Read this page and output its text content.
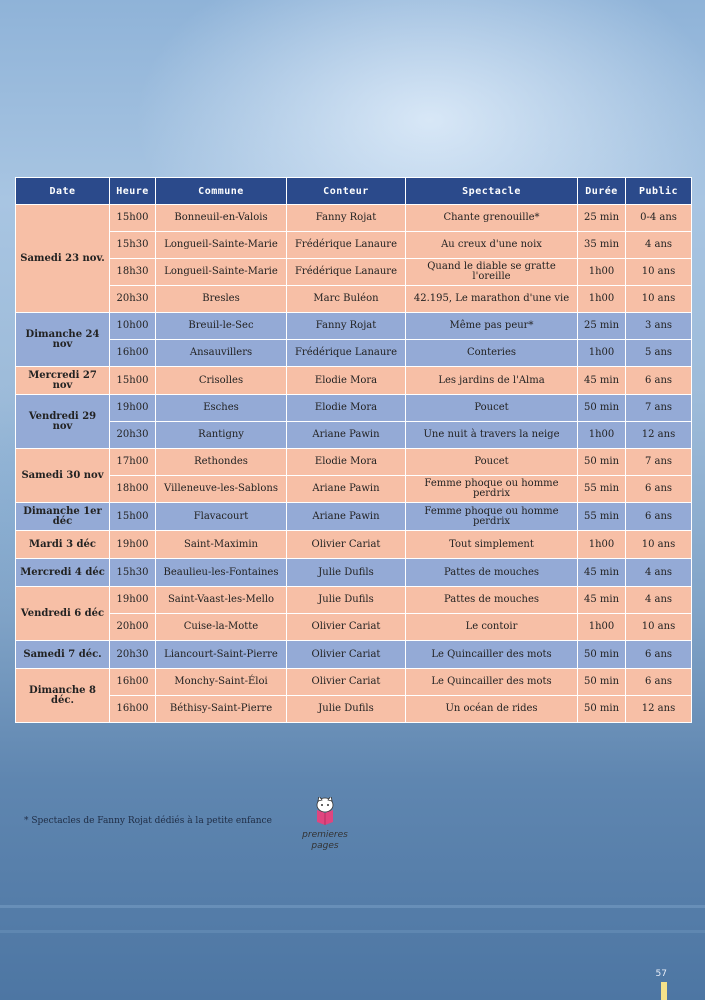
Date	Heure	Commune	Conteur	Spectacle	Durée	Public
Samedi 23 nov.	15h00	Bonneuil-en-Valois	Fanny Rojat	Chante grenouille*	25 min	0-4 ans
	15h30	Longueil-Sainte-Marie	Frédérique Lanaure	Au creux d'une noix	35 min	4 ans
	18h30	Longueil-Sainte-Marie	Frédérique Lanaure	Quand le diable se gratte l'oreille	1h00	10 ans
	20h30	Bresles	Marc Buléon	42.195, Le marathon d'une vie	1h00	10 ans
Dimanche 24 nov	10h00	Breuil-le-Sec	Fanny Rojat	Même pas peur*	25 min	3 ans
	16h00	Ansauvillers	Frédérique Lanaure	Conteries	1h00	5 ans
Mercredi 27 nov	15h00	Crisolles	Elodie Mora	Les jardins de l'Alma	45 min	6 ans
Vendredi 29 nov	19h00	Esches	Elodie Mora	Poucet	50 min	7 ans
	20h30	Rantigny	Ariane Pawin	Une nuit à travers la neige	1h00	12 ans
Samedi 30 nov	17h00	Rethondes	Elodie Mora	Poucet	50 min	7 ans
	18h00	Villeneuve-les-Sablons	Ariane Pawin	Femme phoque ou homme perdrix	55 min	6 ans
Dimanche 1er déc	15h00	Flavacourt	Ariane Pawin	Femme phoque ou homme perdrix	55 min	6 ans
Mardi 3 déc	19h00	Saint-Maximin	Olivier Cariat	Tout simplement	1h00	10 ans
Mercredi 4 déc	15h30	Beaulieu-les-Fontaines	Julie Dufils	Pattes de mouches	45 min	4 ans
Vendredi 6 déc	19h00	Saint-Vaast-les-Mello	Julie Dufils	Pattes de mouches	45 min	4 ans
	20h00	Cuise-la-Motte	Olivier Cariat	Le contoir	1h00	10 ans
Samedi 7 déc.	20h30	Liancourt-Saint-Pierre	Olivier Cariat	Le Quincailler des mots	50 min	6 ans
Dimanche 8 déc.	16h00	Monchy-Saint-Éloi	Olivier Cariat	Le Quincailler des mots	50 min	6 ans
	16h00	Béthisy-Saint-Pierre	Julie Dufils	Un océan de rides	50 min	12 ans
* Spectacles de Fanny Rojat dédiés à la petite enfance
premieres
pages
57
